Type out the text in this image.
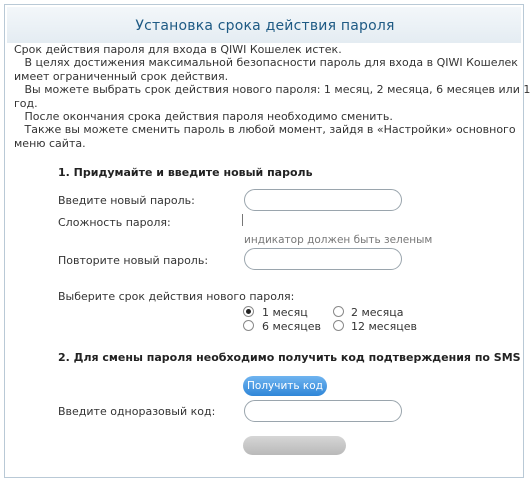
Установка срока действия пароля
Срок действия пароля для входа в QIWI Кошелек истек.
В целях достижения максимальной безопасности пароль для входа в QIWI Кошелек
имеет ограниченный срок действия.
Вы можете выбрать срок действия нового пароля: 1 месяц, 2 месяца, 6 месяцев или 1
год.
После окончания срока действия пароля необходимо сменить.
Также вы можете сменить пароль в любой момент, зайдя в «Настройки» основного
меню сайта.
1. Придумайте и введите новый пароль
Введите новый пароль:
Сложность пароля:
индикатор должен быть зеленым
Повторите новый пароль:
Выберите срок действия нового пароля:
1 месяц	2 месяца
6 месяцев	12 месяцев
2. Для смены пароля необходимо получить код подтверждения по SMS
Получить код
Введите одноразовый код:
